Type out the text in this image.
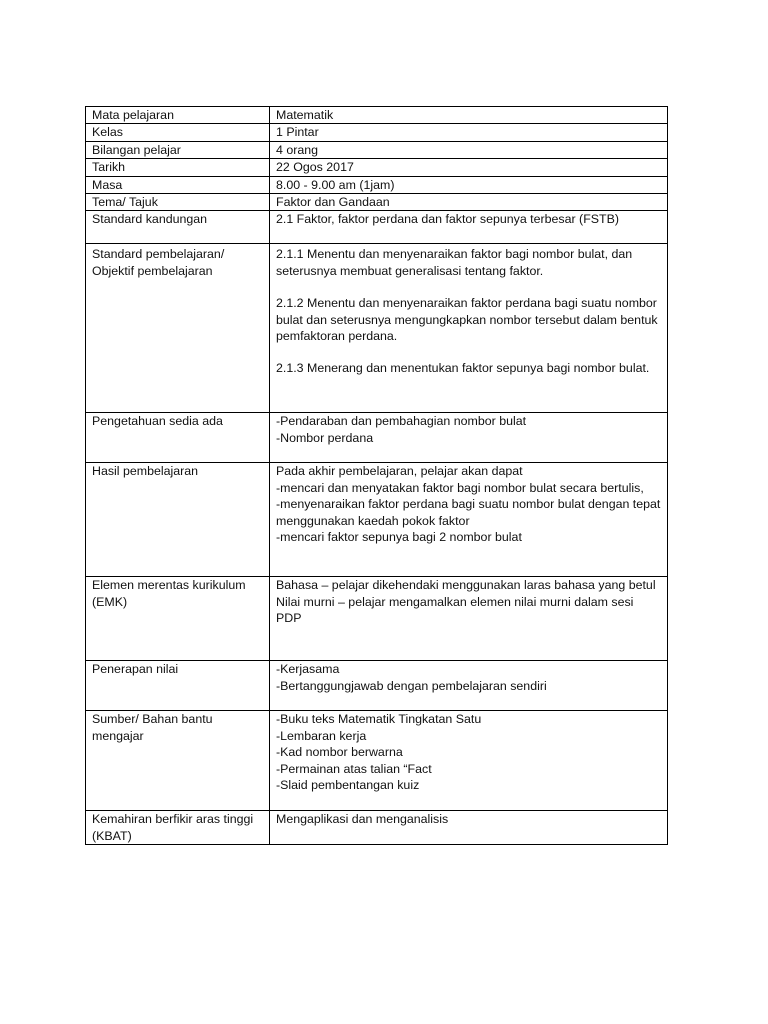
Mata pelajaran	Matematik
Kelas	1 Pintar
Bilangan pelajar	4 orang
Tarikh	22 Ogos 2017
Masa	8.00 - 9.00 am (1jam)
Tema/ Tajuk	Faktor dan Gandaan
Standard kandungan	2.1 Faktor, faktor perdana dan faktor sepunya terbesar (FSTB)
Standard pembelajaran/ Objektif pembelajaran	2.1.1 Menentu dan menyenaraikan faktor bagi nombor bulat, dan seterusnya membuat generalisasi tentang faktor.
2.1.2 Menentu dan menyenaraikan faktor perdana bagi suatu nombor bulat dan seterusnya mengungkapkan nombor tersebut dalam bentuk pemfaktoran perdana.
2.1.3 Menerang dan menentukan faktor sepunya bagi nombor bulat.

Pengetahuan sedia ada	-Pendaraban dan pembahagian nombor bulat
-Nombor perdana

Hasil pembelajaran	Pada akhir pembelajaran, pelajar akan dapat
-mencari dan menyatakan faktor bagi nombor bulat secara bertulis,
-menyenaraikan faktor perdana bagi suatu nombor bulat dengan tepat menggunakan kaedah pokok faktor
-mencari faktor sepunya bagi 2 nombor bulat

Elemen merentas kurikulum (EMK)	Bahasa – pelajar dikehendaki menggunakan laras bahasa yang betul
Nilai murni – pelajar mengamalkan elemen nilai murni dalam sesi PDP

Penerapan nilai	-Kerjasama
-Bertanggungjawab dengan pembelajaran sendiri

Sumber/ Bahan bantu mengajar	-Buku teks Matematik Tingkatan Satu
-Lembaran kerja
-Kad nombor berwarna
-Permainan atas talian “Fact
-Slaid pembentangan kuiz

Kemahiran berfikir aras tinggi (KBAT)	Mengaplikasi dan menganalisis
